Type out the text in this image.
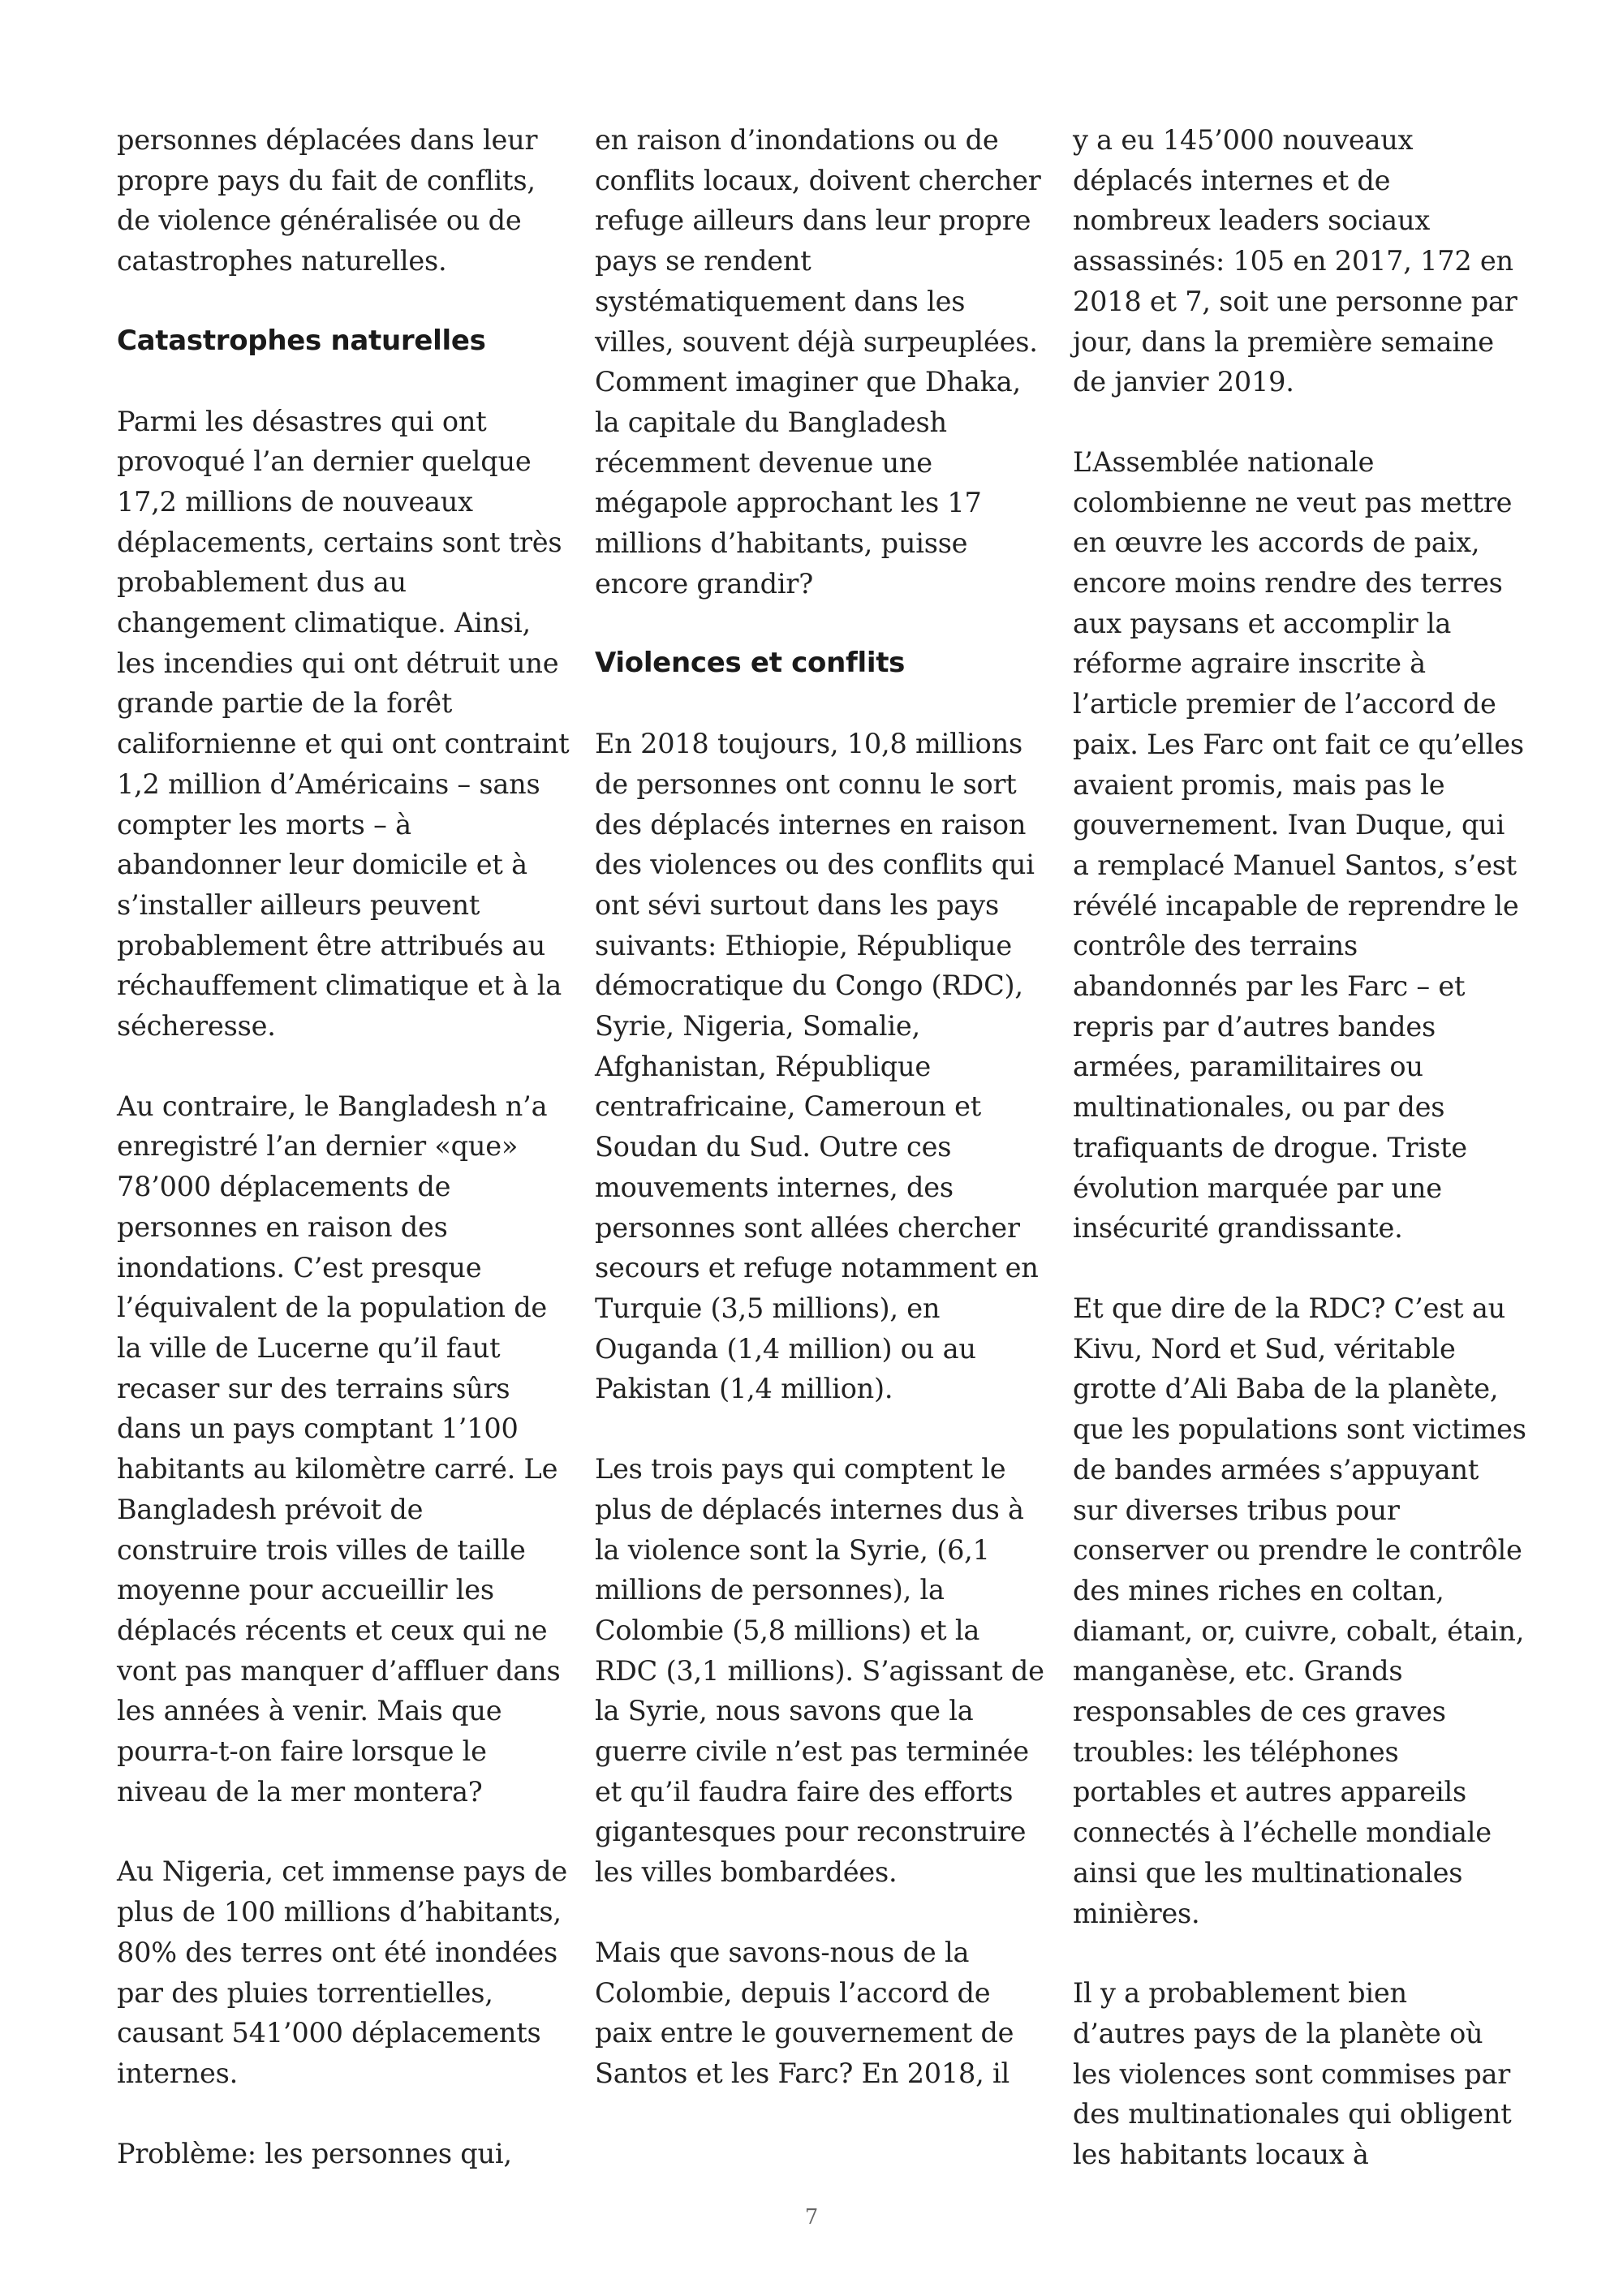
personnes déplacées dans leur propre pays du fait de conflits, de violence généralisée ou de catastrophes naturelles.

Catastrophes naturelles

Parmi les désastres qui ont provoqué l’an dernier quelque 17,2 millions de nouveaux déplacements, certains sont très probablement dus au changement climatique. Ainsi, les incendies qui ont détruit une grande partie de la forêt californienne et qui ont contraint 1,2 million d’Américains – sans compter les morts – à abandonner leur domicile et à s’installer ailleurs peuvent probablement être attribués au réchauffement climatique et à la sécheresse.

Au contraire, le Bangladesh n’a enregistré l’an dernier «que» 78’000 déplacements de personnes en raison des inondations. C’est presque l’équivalent de la population de la ville de Lucerne qu’il faut recaser sur des terrains sûrs dans un pays comptant 1’100 habitants au kilomètre carré. Le Bangladesh prévoit de construire trois villes de taille moyenne pour accueillir les déplacés récents et ceux qui ne vont pas manquer d’affluer dans les années à venir. Mais que pourra-t-on faire lorsque le niveau de la mer montera?

Au Nigeria, cet immense pays de plus de 100 millions d’habitants, 80% des terres ont été inondées par des pluies torrentielles, causant 541’000 déplacements internes.

Problème: les personnes qui,

en raison d’inondations ou de conflits locaux, doivent chercher refuge ailleurs dans leur propre pays se rendent systématiquement dans les villes, souvent déjà surpeuplées. Comment imaginer que Dhaka, la capitale du Bangladesh récemment devenue une mégapole approchant les 17 millions d’habitants, puisse encore grandir?

Violences et conflits

En 2018 toujours, 10,8 millions de personnes ont connu le sort des déplacés internes en raison des violences ou des conflits qui ont sévi surtout dans les pays suivants: Ethiopie, République démocratique du Congo (RDC), Syrie, Nigeria, Somalie, Afghanistan, République centrafricaine, Cameroun et Soudan du Sud. Outre ces mouvements internes, des personnes sont allées chercher secours et refuge notamment en Turquie (3,5 millions), en Ouganda (1,4 million) ou au Pakistan (1,4 million).

Les trois pays qui comptent le plus de déplacés internes dus à la violence sont la Syrie, (6,1 millions de personnes), la Colombie (5,8 millions) et la RDC (3,1 millions). S’agissant de la Syrie, nous savons que la guerre civile n’est pas terminée et qu’il faudra faire des efforts gigantesques pour reconstruire les villes bombardées.

Mais que savons-nous de la Colombie, depuis l’accord de paix entre le gouvernement de Santos et les Farc? En 2018, il

y a eu 145’000 nouveaux déplacés internes et de nombreux leaders sociaux assassinés: 105 en 2017, 172 en 2018 et 7, soit une personne par jour, dans la première semaine de janvier 2019.

L’Assemblée nationale colombienne ne veut pas mettre en œuvre les accords de paix, encore moins rendre des terres aux paysans et accomplir la réforme agraire inscrite à l’article premier de l’accord de paix. Les Farc ont fait ce qu’elles avaient promis, mais pas le gouvernement. Ivan Duque, qui a remplacé Manuel Santos, s’est révélé incapable de reprendre le contrôle des terrains abandonnés par les Farc – et repris par d’autres bandes armées, paramilitaires ou multinationales, ou par des trafiquants de drogue. Triste évolution marquée par une insécurité grandissante.

Et que dire de la RDC? C’est au Kivu, Nord et Sud, véritable grotte d’Ali Baba de la planète, que les populations sont victimes de bandes armées s’appuyant sur diverses tribus pour conserver ou prendre le contrôle des mines riches en coltan, diamant, or, cuivre, cobalt, étain, manganèse, etc. Grands responsables de ces graves troubles: les téléphones portables et autres appareils connectés à l’échelle mondiale ainsi que les multinationales minières.

Il y a probablement bien d’autres pays de la planète où les violences sont commises par des multinationales qui obligent les habitants locaux à

7
